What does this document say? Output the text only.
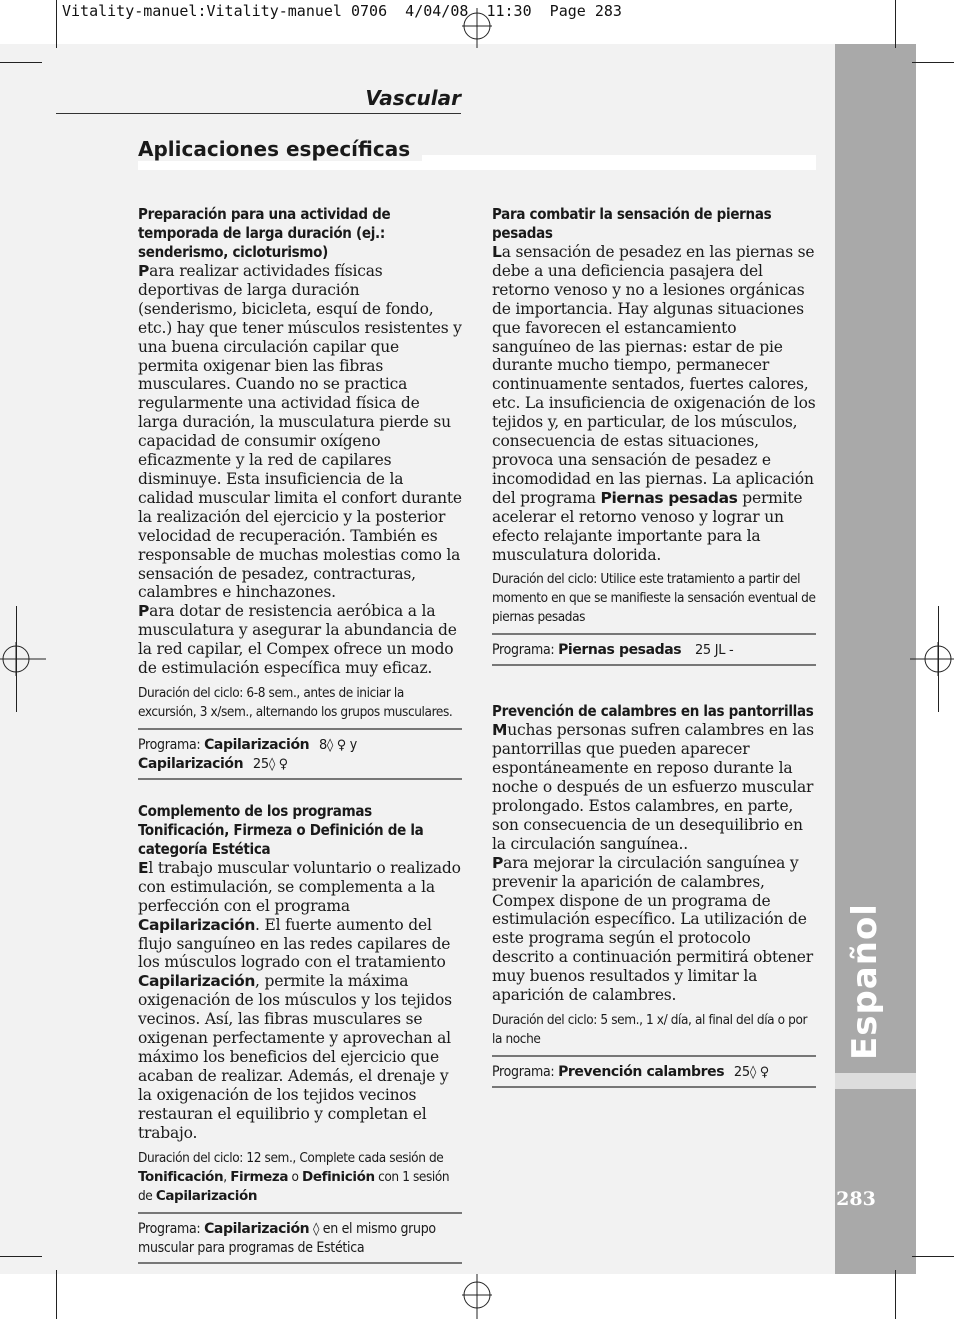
Español
283
Vitality-manuel:Vitality-manuel 0706  4/04/08  11:30  Page 283
Vascular
Aplicaciones específicas

Preparación para una actividad de temporada de larga duración (ej.: senderismo, cicloturismo)

Para realizar actividades físicas deportivas de larga duración (senderismo, bicicleta, esquí de fondo, etc.) hay que tener músculos resistentes y una buena circulación capilar que permita oxigenar bien las fibras musculares. Cuando no se practica regularmente una actividad física de larga duración, la musculatura pierde su capacidad de consumir oxígeno eficazmente y la red de capilares disminuye. Esta insuficiencia de la calidad muscular limita el confort durante la realización del ejercicio y la posterior velocidad de recuperación. También es responsable de muchas molestias como la sensación de pesadez, contracturas, calambres e hinchazones.

Para dotar de resistencia aeróbica a la musculatura y asegurar la abundancia de la red capilar, el Compex ofrece un modo de estimulación específica muy eficaz.

Duración del ciclo: 6-8 sem., antes de iniciar la excursión, 3 x/sem., alternando los grupos musculares.

Programa: Capilarización 8◊ ♀ y
Capilarización 25◊ ♀

Complemento de los programas Tonificación, Firmeza o Definición de la categoría Estética

El trabajo muscular voluntario o realizado con estimulación, se complementa a la perfección con el programa Capilarización. El fuerte aumento del flujo sanguíneo en las redes capilares de los músculos logrado con el tratamiento Capilarización, permite la máxima oxigenación de los músculos y los tejidos vecinos. Así, las fibras musculares se oxigenan perfectamente y aprovechan al máximo los beneficios del ejercicio que acaban de realizar. Además, el drenaje y la oxigenación de los tejidos vecinos restauran el equilibrio y completan el trabajo.

Duración del ciclo: 12 sem., Complete cada sesión de Tonificación, Firmeza o Definición con 1 sesión de Capilarización

Programa: Capilarización ◊ en el mismo grupo muscular para programas de Estética

Para combatir la sensación de piernas pesadas

La sensación de pesadez en las piernas se debe a una deficiencia pasajera del retorno venoso y no a lesiones orgánicas de importancia. Hay algunas situaciones que favorecen el estancamiento sanguíneo de las piernas: estar de pie durante mucho tiempo, permanecer continuamente sentados, fuertes calores, etc. La insuficiencia de oxigenación de los tejidos y, en particular, de los músculos, consecuencia de estas situaciones, provoca una sensación de pesadez e incomodidad en las piernas. La aplicación del programa Piernas pesadas permite acelerar el retorno venoso y lograr un efecto relajante importante para la musculatura dolorida.

Duración del ciclo: Utilice este tratamiento a partir del momento en que se manifieste la sensación eventual de piernas pesadas

Programa: Piernas pesadas 25 JL -

Prevención de calambres en las pantorrillas

Muchas personas sufren calambres en las pantorrillas que pueden aparecer espontáneamente en reposo durante la noche o después de un esfuerzo muscular prolongado. Estos calambres, en parte, son consecuencia de un desequilibrio en la circulación sanguínea..

Para mejorar la circulación sanguínea y prevenir la aparición de calambres, Compex dispone de un programa de estimulación específico. La utilización de este programa según el protocolo descrito a continuación permitirá obtener muy buenos resultados y limitar la aparición de calambres.

Duración del ciclo: 5 sem., 1 x/ día, al final del día o por la noche

Programa: Prevención calambres 25◊ ♀
